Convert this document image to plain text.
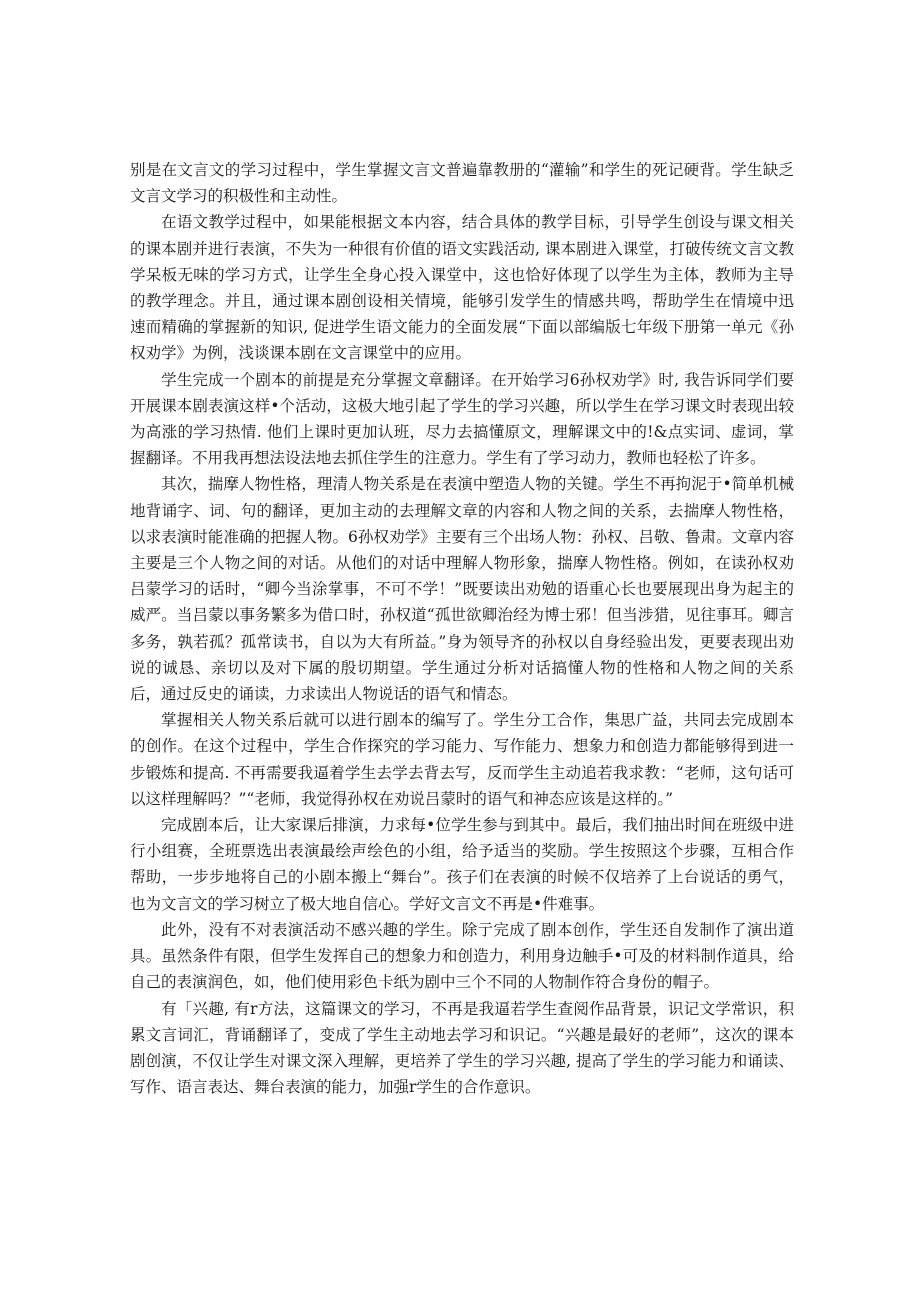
别是在文言文的学习过程中，学生掌握文言文普遍靠教册的“灌输”和学生的死记硬背。学生缺乏文言文学习的积极性和主动性。

在语文教学过程中，如果能根据文本内容，结合具体的教学目标，引导学生创设与课文相关的课本剧并进行表演，不失为一种很有价值的语文实践活动, 课本剧进入课堂，打破传统文言文教学呆板无味的学习方式，让学生全身心投入课堂中，这也恰好体现了以学生为主体，教师为主导的教学理念。并且，通过课本剧创设相关情境，能够引发学生的情感共鸣，帮助学生在情境中迅速而精确的掌握新的知识, 促进学生语文能力的全面发展“下面以部编版七年级下册第一单元《孙权劝学》为例，浅谈课本剧在文言课堂中的应用。

学生完成一个剧本的前提是充分掌握文章翻译。在开始学习6孙权劝学》时, 我告诉同学们要开展课本剧表演这样•个活动，这极大地引起了学生的学习兴趣，所以学生在学习课文时表现出较为高涨的学习热情. 他们上课时更加认班，尽力去搞懂原文，理解课文中的!&点实词、虚词，掌握翻译。不用我再想法设法地去抓住学生的注意力。学生有了学习动力，教师也轻松了许多。

其次，揣摩人物性格，理清人物关系是在表演中塑造人物的关键。学生不再拘泥于•简单机械地背诵字、词、句的翻译，更加主动的去理解文章的内容和人物之间的关系，去揣摩人物性格，以求表演时能准确的把握人物。6孙权劝学》主要有三个出场人物：孙权、吕敬、鲁肃。文章内容主要是三个人物之间的对话。从他们的对话中理解人物形象，揣摩人物性格。例如，在读孙权劝吕蒙学习的话时，“卿今当涂掌事，不可不学！”既要读出劝勉的语重心长也要展现出身为起主的威严。当吕蒙以事务繁多为借口时，孙权道“孤世欲卿治经为博士邪！但当涉猎，见往事耳。卿言多务，孰若孤？孤常读书，自以为大有所益。”身为领导齐的孙权以自身经验出发，更要表现出劝说的诚恳、亲切以及对下属的殷切期望。学生通过分析对话搞懂人物的性格和人物之间的关系后，通过反史的诵读，力求读出人物说话的语气和情态。

掌握相关人物关系后就可以进行剧本的编写了。学生分工合作，集思广益，共同去完成剧本的创作。在这个过程中，学生合作探究的学习能力、写作能力、想象力和创造力都能够得到进一步锻炼和提高. 不再需要我逼着学生去学去背去写，反而学生主动追若我求教：“老师，这句话可以这样理解吗？”“老师，我觉得孙权在劝说吕蒙时的语气和神态应该是这样的。”

完成剧本后，让大家课后排演，力求每•位学生参与到其中。最后，我们抽出时间在班级中进行小组赛，全班票选出表演最绘声绘色的小组，给予适当的奖励。学生按照这个步骤，互相合作帮助，一步步地将自己的小剧本搬上“舞台”。孩子们在表演的时候不仅培养了上台说话的勇气，也为文言文的学习树立了极大地自信心。学好文言文不再是•件难事。

此外，没有不对表演活动不感兴趣的学生。除亍完成了剧本创作，学生还自发制作了演出道具。虽然条件有限，但学生发挥自己的想象力和创造力，利用身边触手•可及的材料制作道具，给自己的表演润色，如，他们使用彩色卡纸为剧中三个不同的人物制作符合身份的帽子。

有「兴趣, 有r方法，这篇课文的学习，不再是我逼若学生查阅作品背景，识记文学常识，积累文言词汇，背诵翻译了，变成了学生主动地去学习和识记。“兴趣是最好的老师”，这次的课本剧创演，不仅让学生对课文深入理解，更培养了学生的学习兴趣, 提高了学生的学习能力和诵读、写作、语言表达、舞台表演的能力，加强r学生的合作意识。
